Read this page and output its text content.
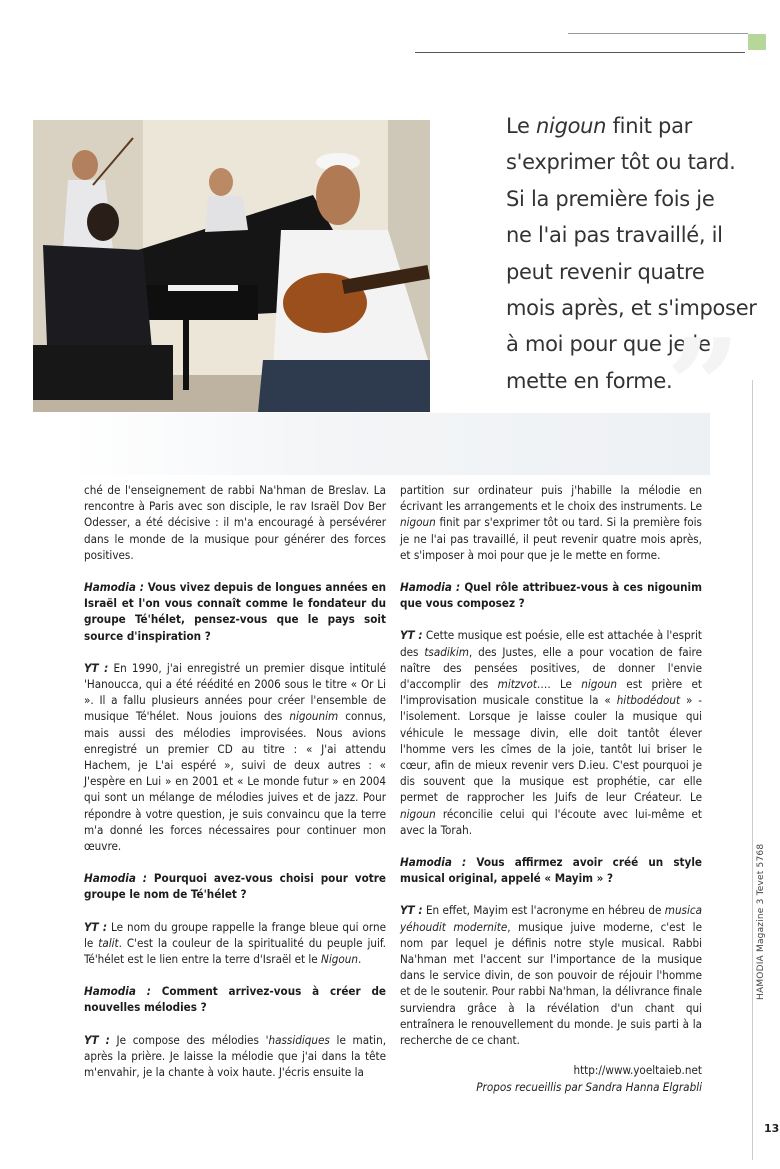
Le nigoun finit par
s'exprimer tôt ou tard.
Si la première fois je
ne l'ai pas travaillé, il
peut revenir quatre
mois après, et s'imposer
à moi pour que je le
mette en forme.
”

ché de l'enseignement de rabbi Na'hman de Breslav. La rencontre à Paris avec son disciple, le rav Israël Dov Ber Odesser, a été décisive : il m'a encouragé à persévérer dans le monde de la musique pour générer des forces positives.

Hamodia : Vous vivez depuis de longues années en Israël et l'on vous connaît comme le fondateur du groupe Té'hélet, pensez-vous que le pays soit source d'inspiration ?

YT : En 1990, j'ai enregistré un premier disque intitulé 'Hanoucca, qui a été réédité en 2006 sous le titre « Or Li ». Il a fallu plusieurs années pour créer l'ensemble de musique Té'hélet. Nous jouions des nigounim connus, mais aussi des mélodies improvisées. Nous avions enregistré un premier CD au titre : « J'ai attendu Hachem, je L'ai espéré », suivi de deux autres : « J'espère en Lui » en 2001 et « Le monde futur » en 2004 qui sont un mélange de mélodies juives et de jazz. Pour répondre à votre question, je suis convaincu que la terre m'a donné les forces nécessaires pour continuer mon œuvre.

Hamodia : Pourquoi avez-vous choisi pour votre groupe le nom de Té'hélet ?

YT : Le nom du groupe rappelle la frange bleue qui orne le talit. C'est la couleur de la spiritualité du peuple juif. Té'hélet est le lien entre la terre d'Israël et le Nigoun.

Hamodia : Comment arrivez-vous à créer de nouvelles mélodies ?

YT : Je compose des mélodies 'hassidiques le matin, après la prière. Je laisse la mélodie que j'ai dans la tête m'envahir, je la chante à voix haute. J'écris ensuite la

partition sur ordinateur puis j'habille la mélodie en écrivant les arrangements et le choix des instruments. Le nigoun finit par s'exprimer tôt ou tard. Si la première fois je ne l'ai pas travaillé, il peut revenir quatre mois après, et s'imposer à moi pour que je le mette en forme.

Hamodia : Quel rôle attribuez-vous à ces nigounim que vous composez ?

YT : Cette musique est poésie, elle est attachée à l'esprit des tsadikim, des Justes, elle a pour vocation de faire naître des pensées positives, de donner l'envie d'accomplir des mitzvot…. Le nigoun est prière et l'improvisation musicale constitue la « hitbodédout » - l'isolement. Lorsque je laisse couler la musique qui véhicule le message divin, elle doit tantôt élever l'homme vers les cîmes de la joie, tantôt lui briser le cœur, afin de mieux revenir vers D.ieu. C'est pourquoi je dis souvent que la musique est prophétie, car elle permet de rapprocher les Juifs de leur Créateur. Le nigoun réconcilie celui qui l'écoute avec lui-même et avec la Torah.

Hamodia : Vous affirmez avoir créé un style musical original, appelé « Mayim » ?

YT : En effet, Mayim est l'acronyme en hébreu de musica yéhoudit modernite, musique juive moderne, c'est le nom par lequel je définis notre style musical. Rabbi Na'hman met l'accent sur l'importance de la musique dans le service divin, de son pouvoir de réjouir l'homme et de le soutenir. Pour rabbi Na'hman, la délivrance finale surviendra grâce à la révélation d'un chant qui entraînera le renouvellement du monde. Je suis parti à la recherche de ce chant.

http://www.yoeltaieb.net

Propos recueillis par Sandra Hanna Elgrabli

HAMODIA Magazine 3 Tevet 5768
13
